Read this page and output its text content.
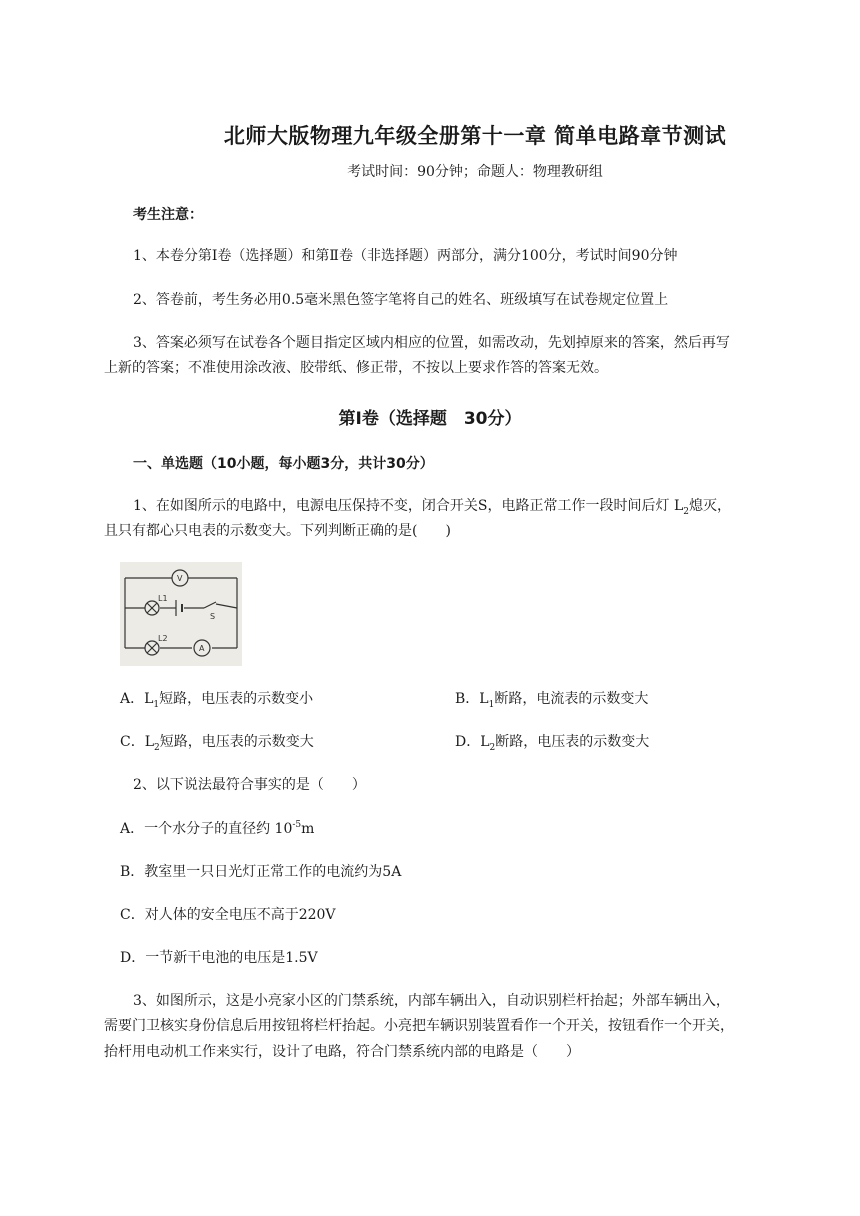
北师大版物理九年级全册第十一章 简单电路章节测试
考试时间：90分钟；命题人：物理教研组
考生注意：
1、本卷分第Ⅰ卷（选择题）和第Ⅱ卷（非选择题）两部分，满分100分，考试时间90分钟
2、答卷前，考生务必用0.5毫米黑色签字笔将自己的姓名、班级填写在试卷规定位置上
3、答案必须写在试卷各个题目指定区域内相应的位置，如需改动，先划掉原来的答案，然后再写
上新的答案；不准使用涂改液、胶带纸、修正带，不按以上要求作答的答案无效。
第Ⅰ卷（选择题　30分）
一、单选题（10小题，每小题3分，共计30分）
1、在如图所示的电路中，电源电压保持不变，闭合开关S，电路正常工作一段时间后灯 $L_2$熄灭，
且只有都心只电表的示数变大。下列判断正确的是(　　)
V
A
L1
L2
S
A．$L_1$短路，电压表的示数变小	B．$L_1$断路，电流表的示数变大
C．$L_2$短路，电压表的示数变大	D．$L_2$断路，电压表的示数变大
2、以下说法最符合事实的是（　　）
A．一个水分子的直径约 $10^{-5}m$
B．教室里一只日光灯正常工作的电流约为5A
C．对人体的安全电压不高于220V
D．一节新干电池的电压是1.5V
3、如图所示，这是小亮家小区的门禁系统，内部车辆出入，自动识别栏杆抬起；外部车辆出入，
需要门卫核实身份信息后用按钮将栏杆抬起。小亮把车辆识别装置看作一个开关，按钮看作一个开关，
抬杆用电动机工作来实行，设计了电路，符合门禁系统内部的电路是（　　）
